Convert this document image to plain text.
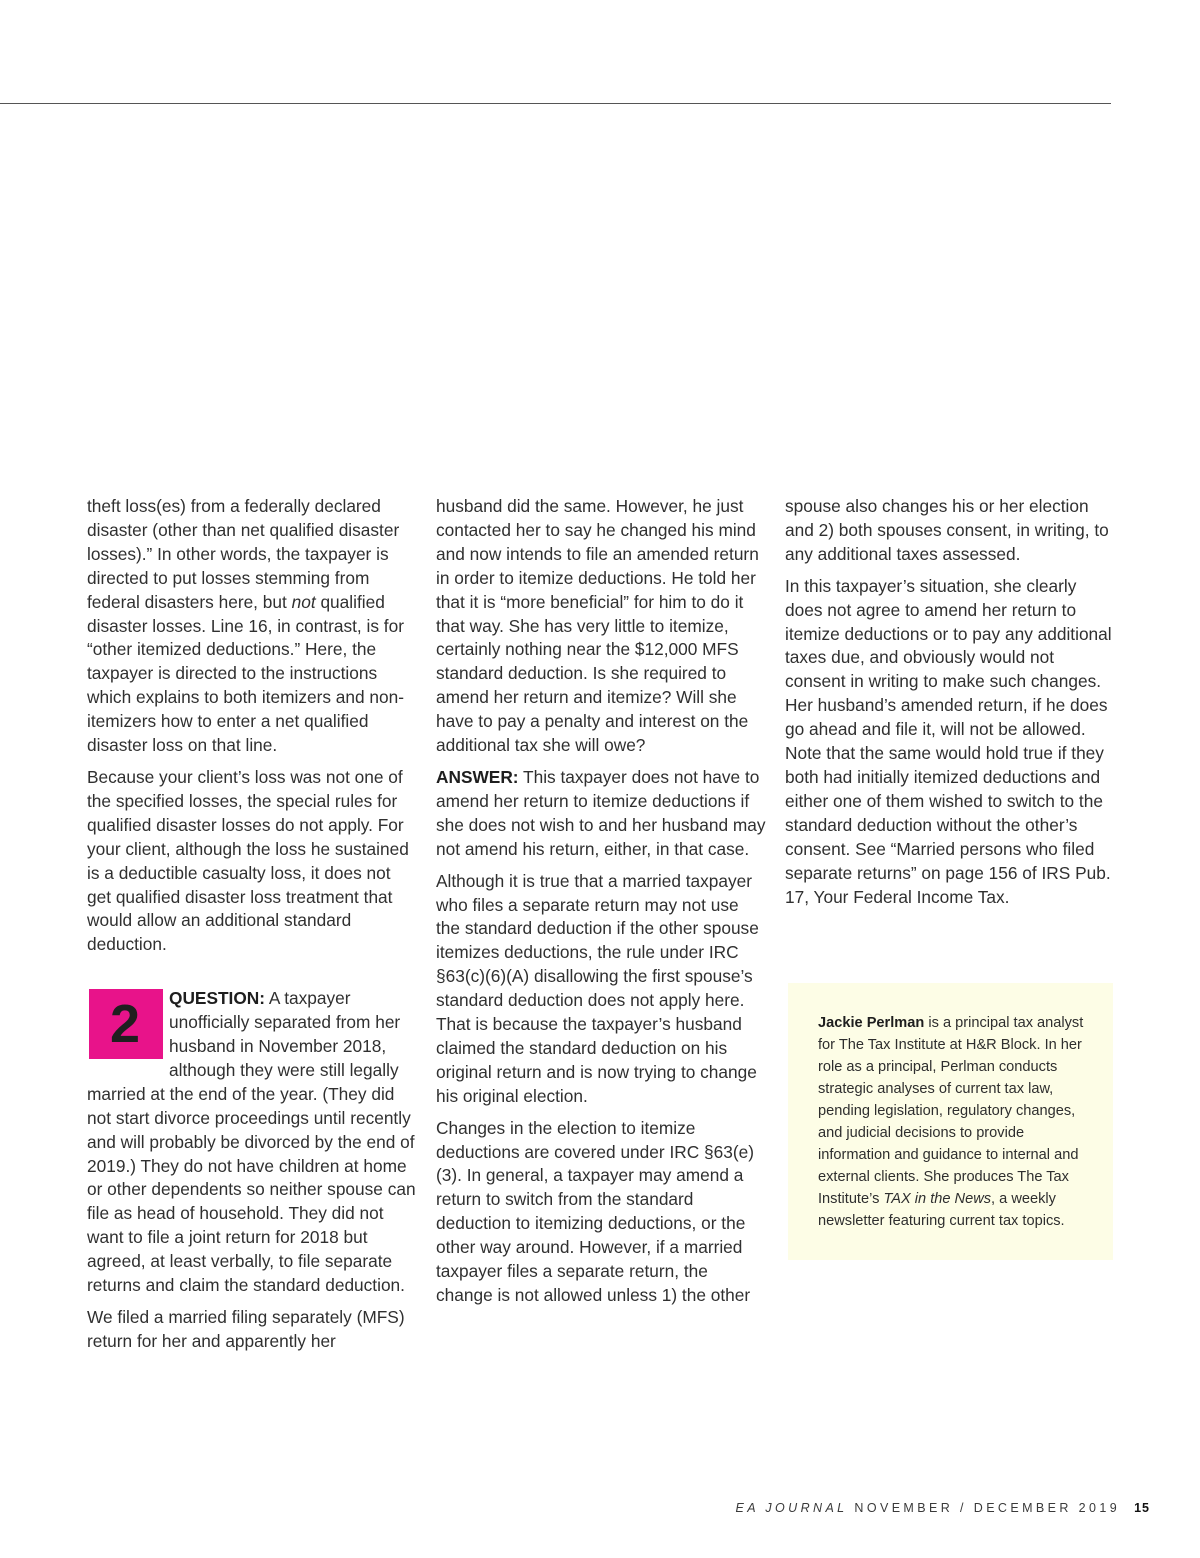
theft loss(es) from a federally declared disaster (other than net qualified disaster losses).” In other words, the taxpayer is directed to put losses stemming from federal disasters here, but not qualified disaster losses. Line 16, in contrast, is for “other itemized deductions.” Here, the taxpayer is directed to the instructions which explains to both itemizers and non-itemizers how to enter a net qualified disaster loss on that line.

Because your client’s loss was not one of the specified losses, the special rules for qualified disaster losses do not apply. For your client, although the loss he sustained is a deductible casualty loss, it does not get qualified disaster loss treatment that would allow an additional standard deduction.

2	QUESTION: A taxpayer unofficially separated from her husband in November 2018, although they were still legally married at the end of the year. (They did not start divorce proceedings until recently and will probably be divorced by the end of 2019.) They do not have children at home or other dependents so neither spouse can file as head of household. They did not want to file a joint return for 2018 but agreed, at least verbally, to file separate returns and claim the standard deduction.

We filed a married filing separately (MFS) return for her and apparently her

husband did the same. However, he just contacted her to say he changed his mind and now intends to file an amended return in order to itemize deductions. He told her that it is “more beneficial” for him to do it that way. She has very little to itemize, certainly nothing near the $12,000 MFS standard deduction. Is she required to amend her return and itemize? Will she have to pay a penalty and interest on the additional tax she will owe?

ANSWER: This taxpayer does not have to amend her return to itemize deductions if she does not wish to and her husband may not amend his return, either, in that case.

Although it is true that a married taxpayer who files a separate return may not use the standard deduction if the other spouse itemizes deductions, the rule under IRC §63(c)(6)(A) disallowing the first spouse’s standard deduction does not apply here. That is because the taxpayer’s husband claimed the standard deduction on his original return and is now trying to change his original election.

Changes in the election to itemize deductions are covered under IRC §63(e)(3). In general, a taxpayer may amend a return to switch from the standard deduction to itemizing deductions, or the other way around. However, if a married taxpayer files a separate return, the change is not allowed unless 1) the other

spouse also changes his or her election and 2) both spouses consent, in writing, to any additional taxes assessed.

In this taxpayer’s situation, she clearly does not agree to amend her return to itemize deductions or to pay any additional taxes due, and obviously would not consent in writing to make such changes. Her husband’s amended return, if he does go ahead and file it, will not be allowed. Note that the same would hold true if they both had initially itemized deductions and either one of them wished to switch to the standard deduction without the other’s consent. See “Married persons who filed separate returns” on page 156 of IRS Pub. 17, Your Federal Income Tax.

Jackie Perlman is a principal tax analyst for The Tax Institute at H&R Block. In her role as a principal, Perlman conducts strategic analyses of current tax law, pending legislation, regulatory changes, and judicial decisions to provide information and guidance to internal and external clients. She produces The Tax Institute’s TAX in the News, a weekly newsletter featuring current tax topics.
EA JOURNAL NOVEMBER / DECEMBER 2019 15
